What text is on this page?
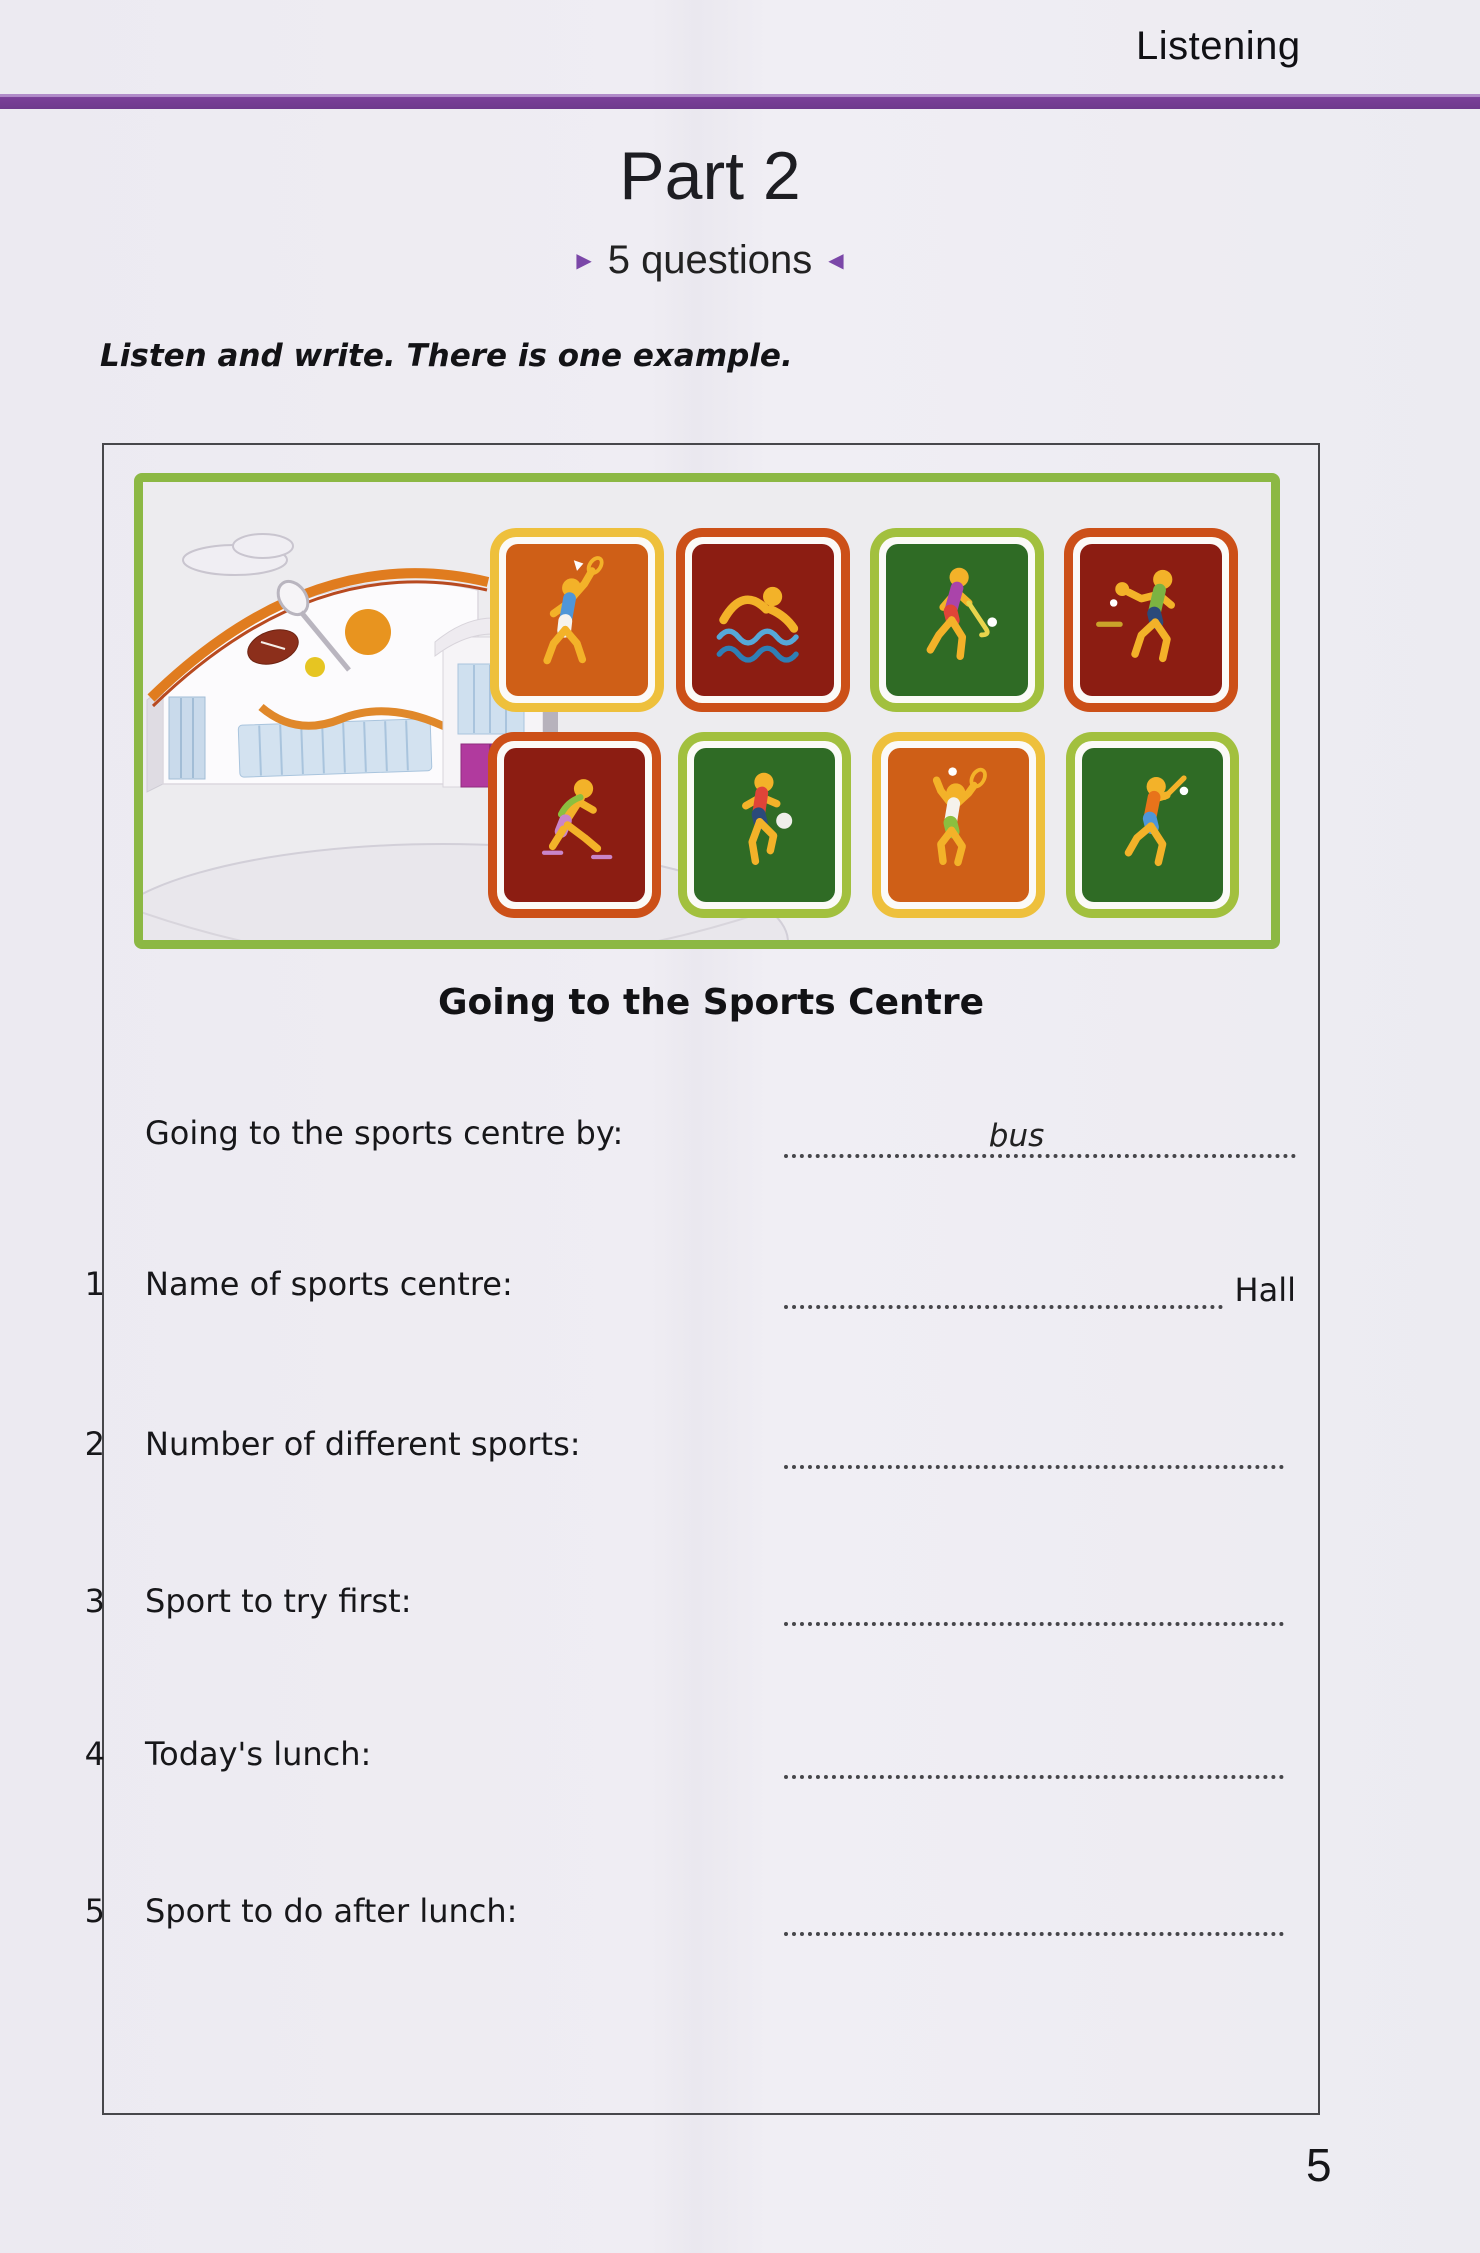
Listening
Part 2
▶ 5 questions ◀
Listen and write. There is one example.
Going to the Sports Centre
Going to the sports centre by:	bus
1 Name of sports centre:	Hall
2 Number of different sports:
3 Sport to try first:
4 Today's lunch:
5 Sport to do after lunch:
5
